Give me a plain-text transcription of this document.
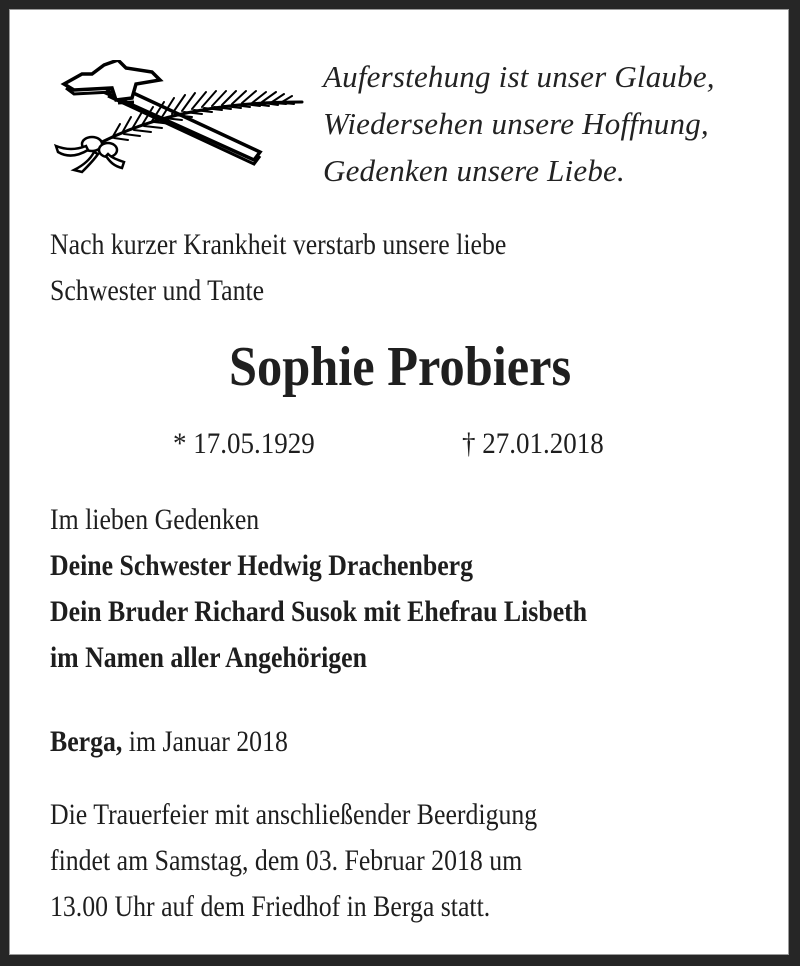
Auferstehung ist unser Glaube,
Wiedersehen unsere Hoffnung,
Gedenken unsere Liebe.
Nach kurzer Krankheit verstarb unsere liebe
Schwester und Tante
Sophie Probiers
* 17.05.1929	† 27.01.2018
Im lieben Gedenken
Deine Schwester Hedwig Drachenberg
Dein Bruder Richard Susok mit Ehefrau Lisbeth
im Namen aller Angehörigen
Berga, im Januar 2018
Die Trauerfeier mit anschließender Beerdigung
findet am Samstag, dem 03. Februar 2018 um
13.00 Uhr auf dem Friedhof in Berga statt.
